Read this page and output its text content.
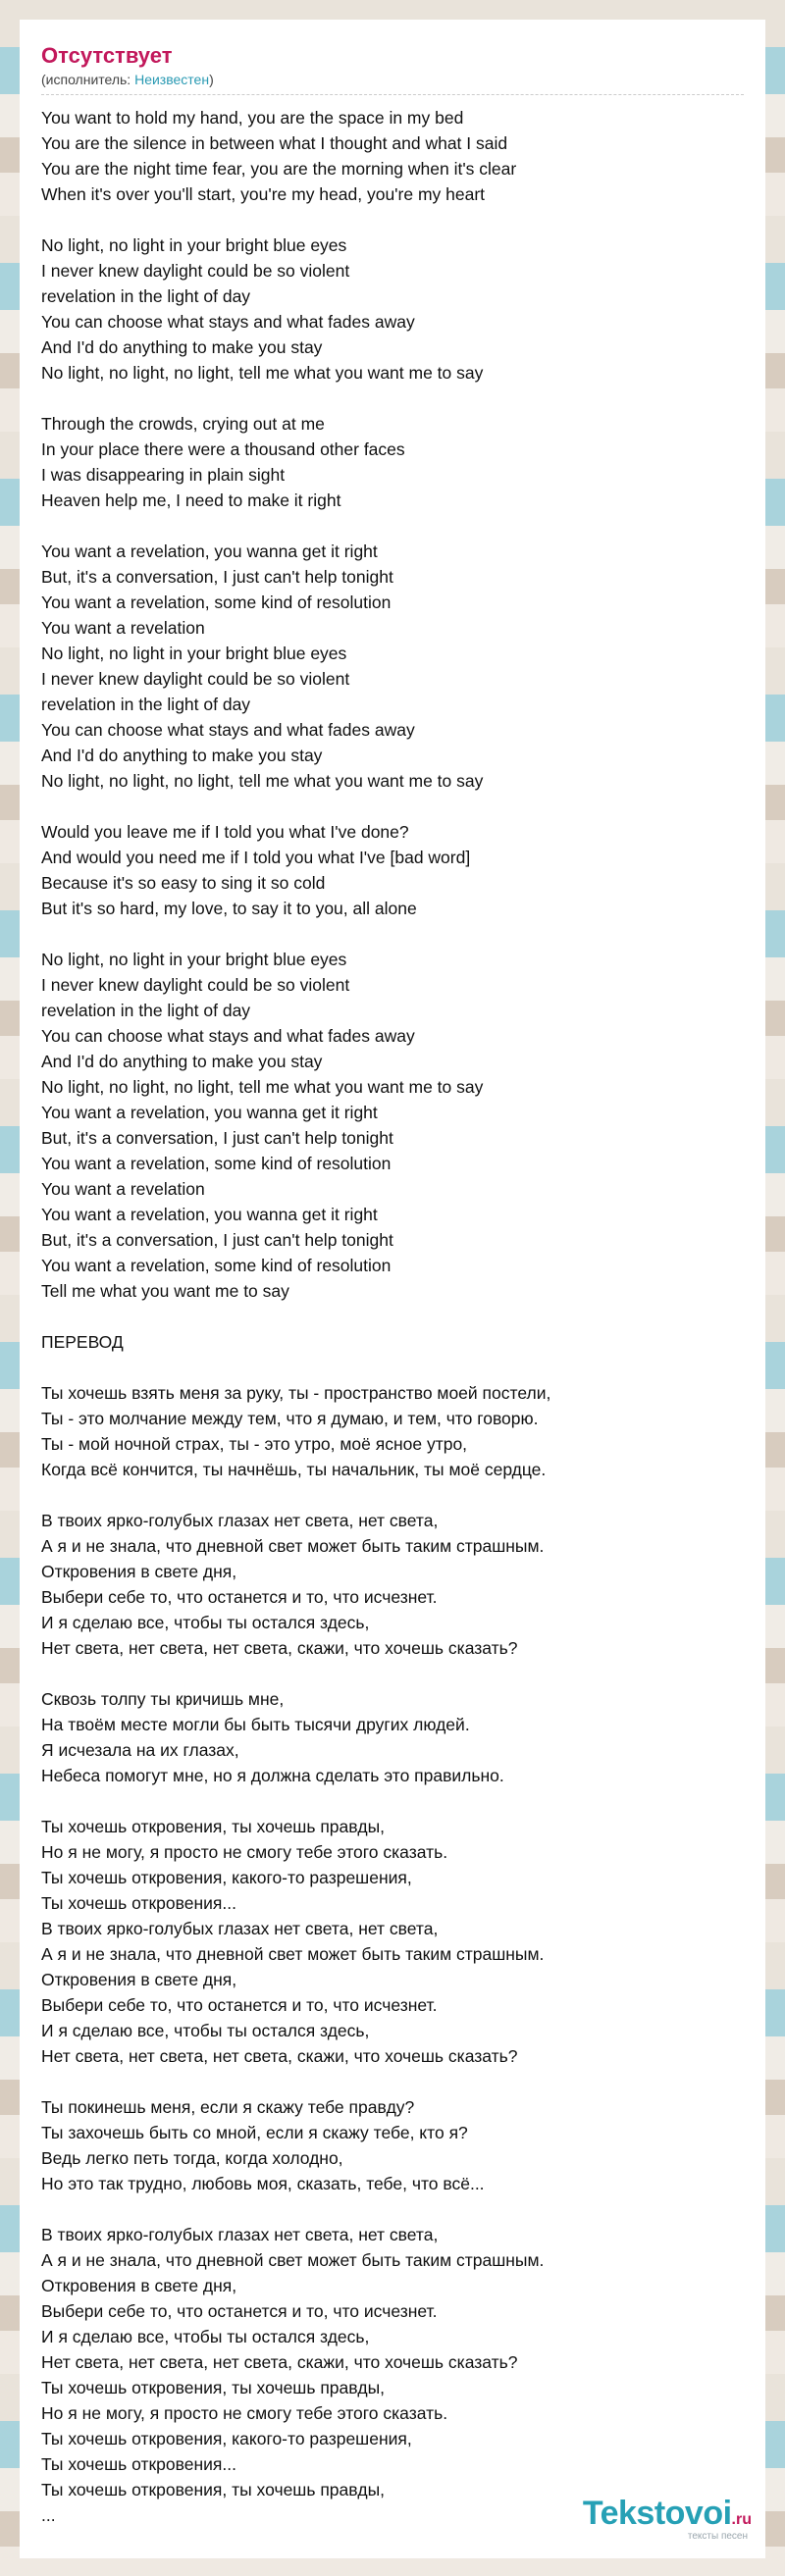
Отсутствует
(исполнитель: Неизвестен)
You want to hold my hand, you are the space in my bed
You are the silence in between what I thought and what I said
You are the night time fear, you are the morning when it's clear
When it's over you'll start, you're my head, you're my heart
No light, no light in your bright blue eyes
I never knew daylight could be so violent
revelation in the light of day
You can choose what stays and what fades away
And I'd do anything to make you stay
No light, no light, no light, tell me what you want me to say
Through the crowds, crying out at me
In your place there were a thousand other faces
I was disappearing in plain sight
Heaven help me, I need to make it right
You want a revelation, you wanna get it right
But, it's a conversation, I just can't help tonight
You want a revelation, some kind of resolution
You want a revelation
No light, no light in your bright blue eyes
I never knew daylight could be so violent
revelation in the light of day
You can choose what stays and what fades away
And I'd do anything to make you stay
No light, no light, no light, tell me what you want me to say
Would you leave me if I told you what I've done?
And would you need me if I told you what I've [bad word]
Because it's so easy to sing it so cold
But it's so hard, my love, to say it to you, all alone
No light, no light in your bright blue eyes
I never knew daylight could be so violent
revelation in the light of day
You can choose what stays and what fades away
And I'd do anything to make you stay
No light, no light, no light, tell me what you want me to say
You want a revelation, you wanna get it right
But, it's a conversation, I just can't help tonight
You want a revelation, some kind of resolution
You want a revelation
You want a revelation, you wanna get it right
But, it's a conversation, I just can't help tonight
You want a revelation, some kind of resolution
Tell me what you want me to say
ПЕРЕВОД
Ты хочешь взять меня за руку, ты - пространство моей постели,
Ты - это молчание между тем, что я думаю, и тем, что говорю.
Ты - мой ночной страх, ты - это утро, моё ясное утро,
Когда всё кончится, ты начнёшь, ты начальник, ты моё сердце.
В твоих ярко-голубых глазах нет света, нет света,
А я и не знала, что дневной свет может быть таким страшным.
Откровения в свете дня,
Выбери себе то, что останется и то, что исчезнет.
И я сделаю все, чтобы ты остался здесь,
Нет света, нет света, нет света, скажи, что хочешь сказать?
Сквозь толпу ты кричишь мне,
На твоём месте могли бы быть тысячи других людей.
Я исчезала на их глазах,
Небеса помогут мне, но я должна сделать это правильно.
Ты хочешь откровения, ты хочешь правды,
Но я не могу, я просто не смогу тебе этого сказать.
Ты хочешь откровения, какого-то разрешения,
Ты хочешь откровения...
В твоих ярко-голубых глазах нет света, нет света,
А я и не знала, что дневной свет может быть таким страшным.
Откровения в свете дня,
Выбери себе то, что останется и то, что исчезнет.
И я сделаю все, чтобы ты остался здесь,
Нет света, нет света, нет света, скажи, что хочешь сказать?
Ты покинешь меня, если я скажу тебе правду?
Ты захочешь быть со мной, если я скажу тебе, кто я?
Ведь легко петь тогда, когда холодно,
Но это так трудно, любовь моя, сказать, тебе, что всё...
В твоих ярко-голубых глазах нет света, нет света,
А я и не знала, что дневной свет может быть таким страшным.
Откровения в свете дня,
Выбери себе то, что останется и то, что исчезнет.
И я сделаю все, чтобы ты остался здесь,
Нет света, нет света, нет света, скажи, что хочешь сказать?
Ты хочешь откровения, ты хочешь правды,
Но я не могу, я просто не смогу тебе этого сказать.
Ты хочешь откровения, какого-то разрешения,
Ты хочешь откровения...
Ты хочешь откровения, ты хочешь правды,
...	Tekstovoi.ru
тексты песен
